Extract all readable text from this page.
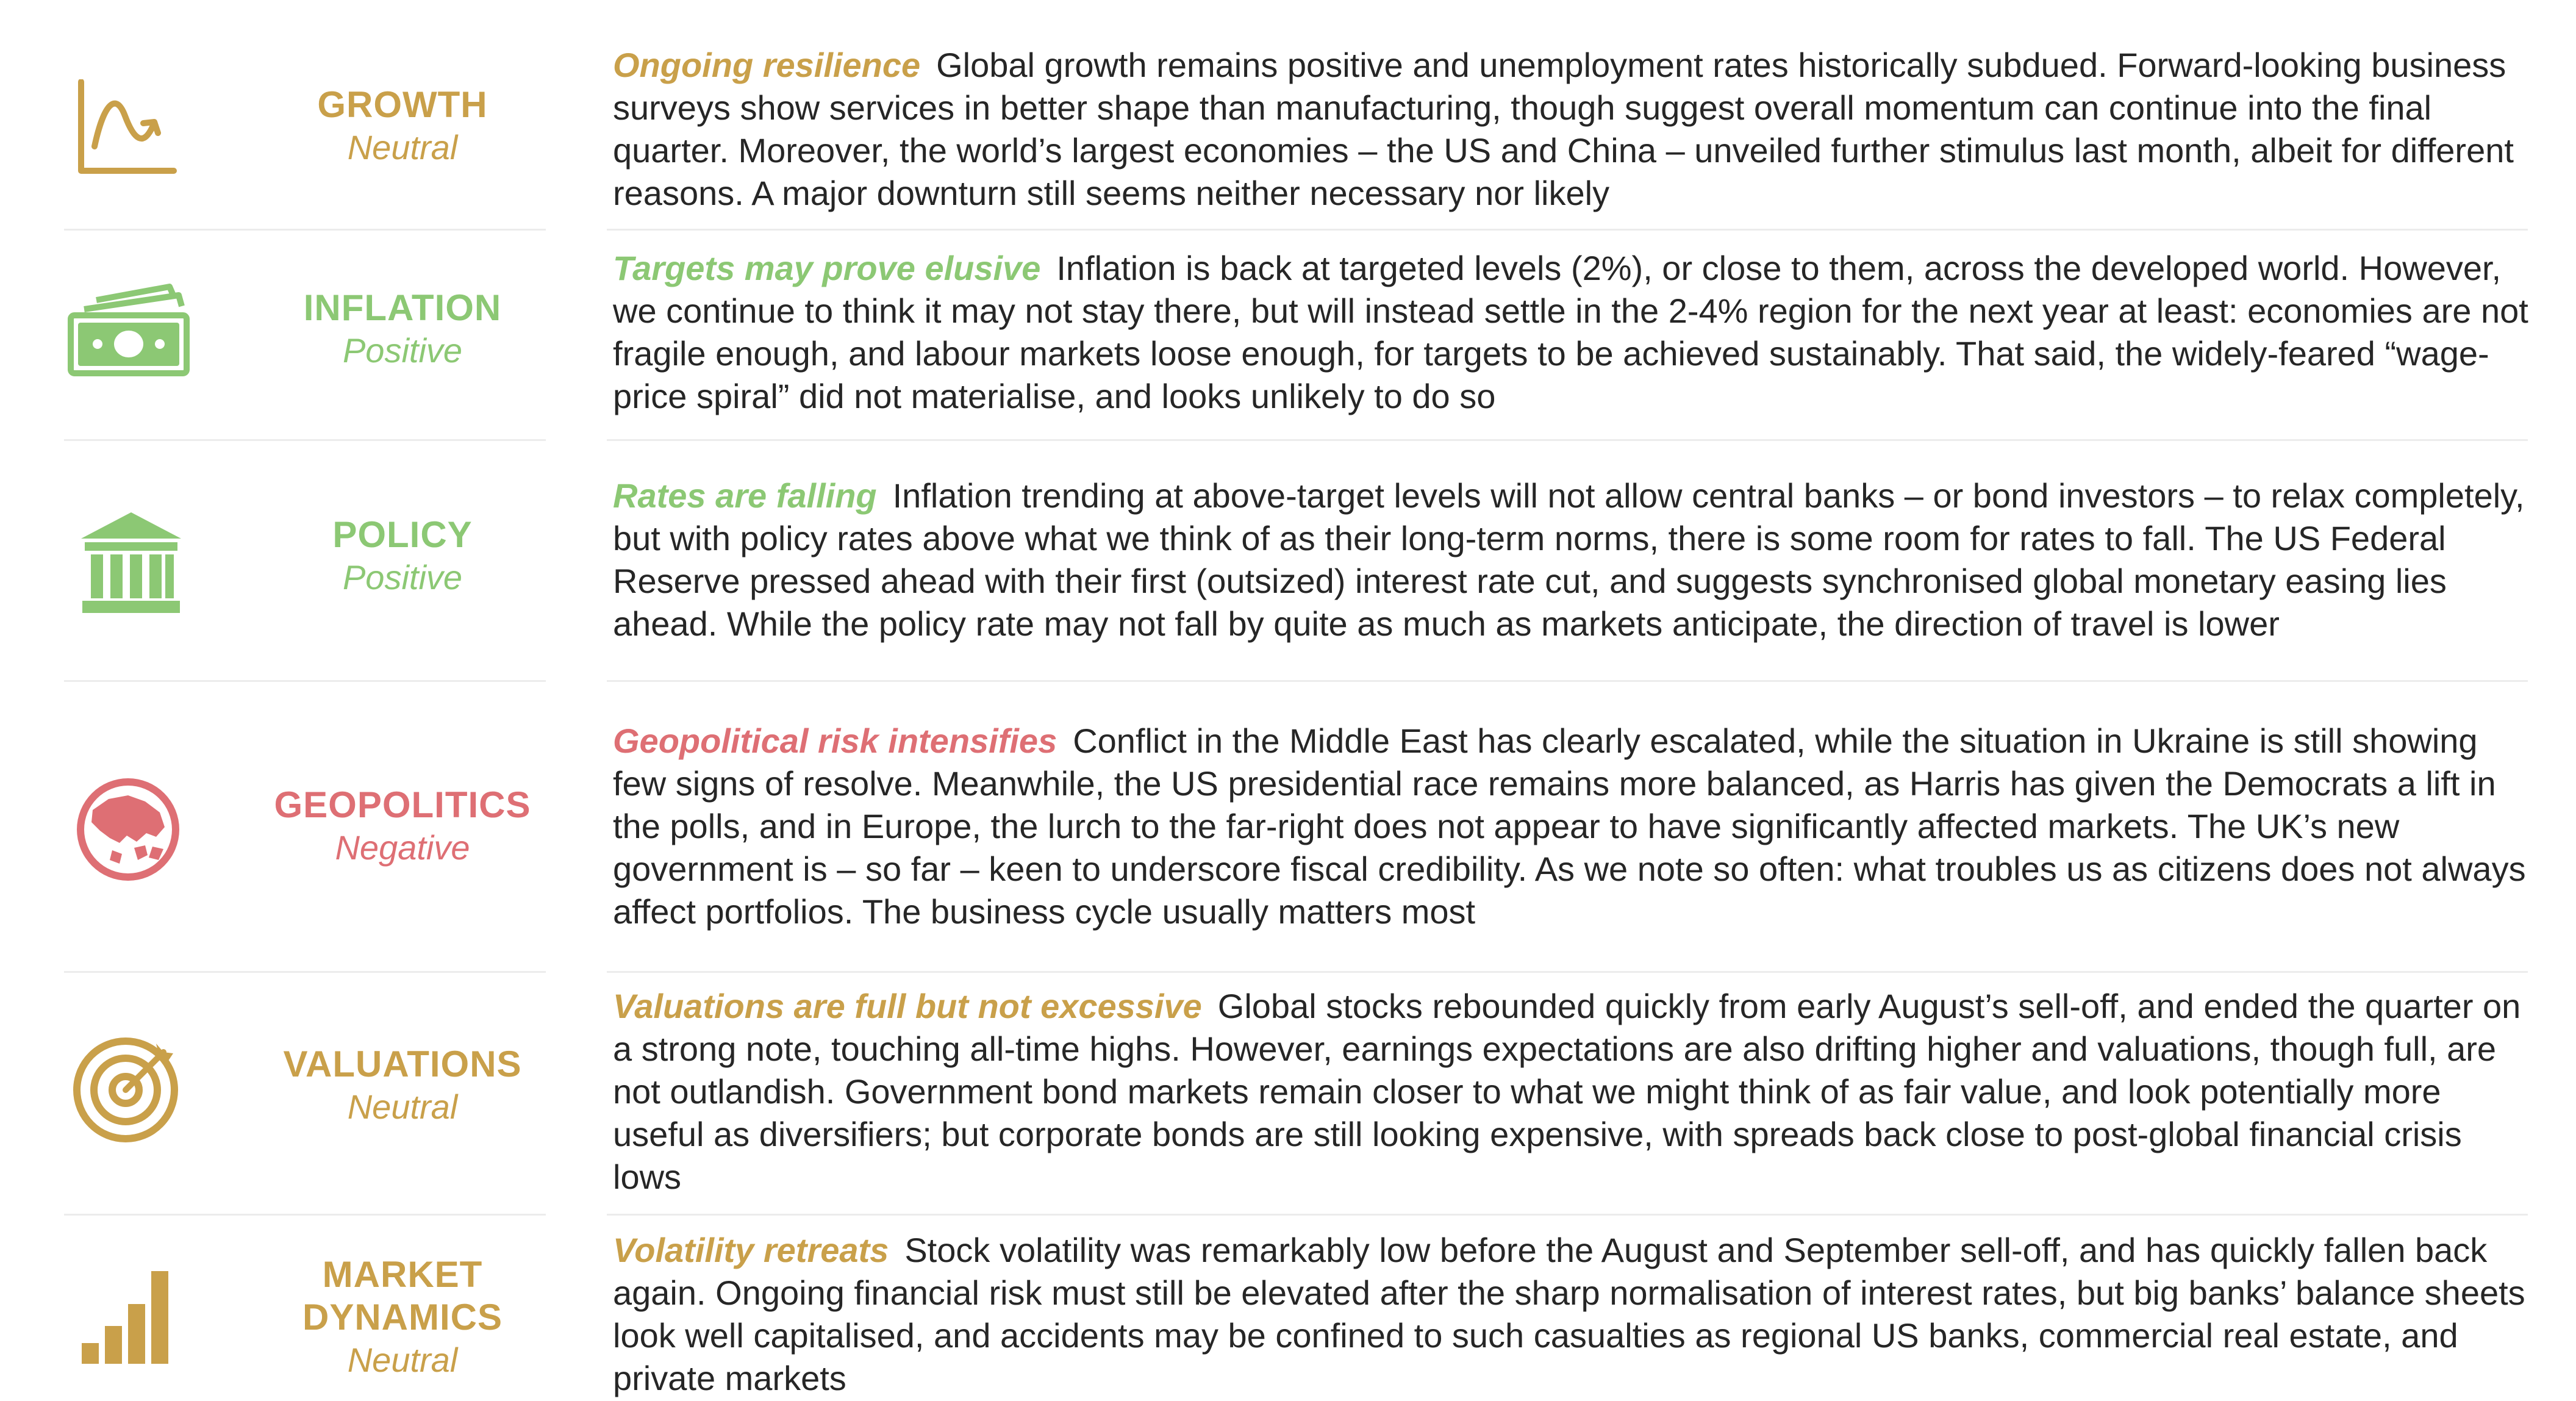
GROWTH
Neutral
Ongoing resilience Global growth remains positive and unemployment rates historically subdued. Forward-looking business surveys show services in better shape than manufacturing, though suggest overall momentum can continue into the final quarter. Moreover, the world’s largest economies – the US and China – unveiled further stimulus last month, albeit for different reasons. A major downturn still seems neither necessary nor likely
INFLATION
Positive
Targets may prove elusive Inflation is back at targeted levels (2%), or close to them, across the developed world. However, we continue to think it may not stay there, but will instead settle in the 2-4% region for the next year at least: economies are not fragile enough, and labour markets loose enough, for targets to be achieved sustainably. That said, the widely-feared “wage-price spiral” did not materialise, and looks unlikely to do so
POLICY
Positive
Rates are falling Inflation trending at above-target levels will not allow central banks – or bond investors – to relax completely, but with policy rates above what we think of as their long-term norms, there is some room for rates to fall. The US Federal Reserve pressed ahead with their first (outsized) interest rate cut, and suggests synchronised global monetary easing lies ahead. While the policy rate may not fall by quite as much as markets anticipate, the direction of travel is lower
GEOPOLITICS
Negative
Geopolitical risk intensifies Conflict in the Middle East has clearly escalated, while the situation in Ukraine is still showing few signs of resolve. Meanwhile, the US presidential race remains more balanced, as Harris has given the Democrats a lift in the polls, and in Europe, the lurch to the far-right does not appear to have significantly affected markets. The UK’s new government is – so far – keen to underscore fiscal credibility. As we note so often: what troubles us as citizens does not always affect portfolios. The business cycle usually matters most
VALUATIONS
Neutral
Valuations are full but not excessive Global stocks rebounded quickly from early August’s sell-off, and ended the quarter on a strong note, touching all-time highs. However, earnings expectations are also drifting higher and valuations, though full, are not outlandish. Government bond markets remain closer to what we might think of as fair value, and look potentially more useful as diversifiers; but corporate bonds are still looking expensive, with spreads back close to post-global financial crisis lows
MARKET
DYNAMICS
Neutral
Volatility retreats Stock volatility was remarkably low before the August and September sell-off, and has quickly fallen back again. Ongoing financial risk must still be elevated after the sharp normalisation of interest rates, but big banks’ balance sheets look well capitalised, and accidents may be confined to such casualties as regional US banks, commercial real estate, and private markets
